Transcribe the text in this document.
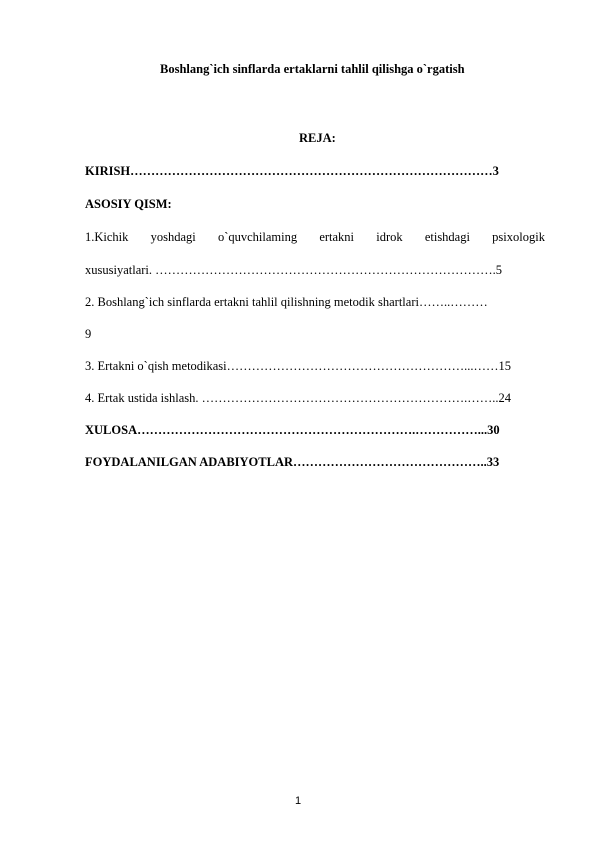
Boshlang`ich sinflarda ertaklarni tahlil qilishga o`rgatish
REJA:
KIRISH……………………………………………………………………………3
ASOSIY QISM:
1.Kichik yoshdagi o`quvchilaming ertakni idrok etishdagi psixologik
xususiyatlari. ……………………………………………………………………….5
2. Boshlang`ich sinflarda ertakni tahlil qilishning metodik shartlari……..………
9
3. Ertakni o`qish metodikasi…………………………………………………...……15
4. Ertak ustida ishlash. ……………………………………………………….……..24
XULOSA………………………………………………………….……………...30
FOYDALANILGAN ADABIYOTLAR………………………………………..33
1
